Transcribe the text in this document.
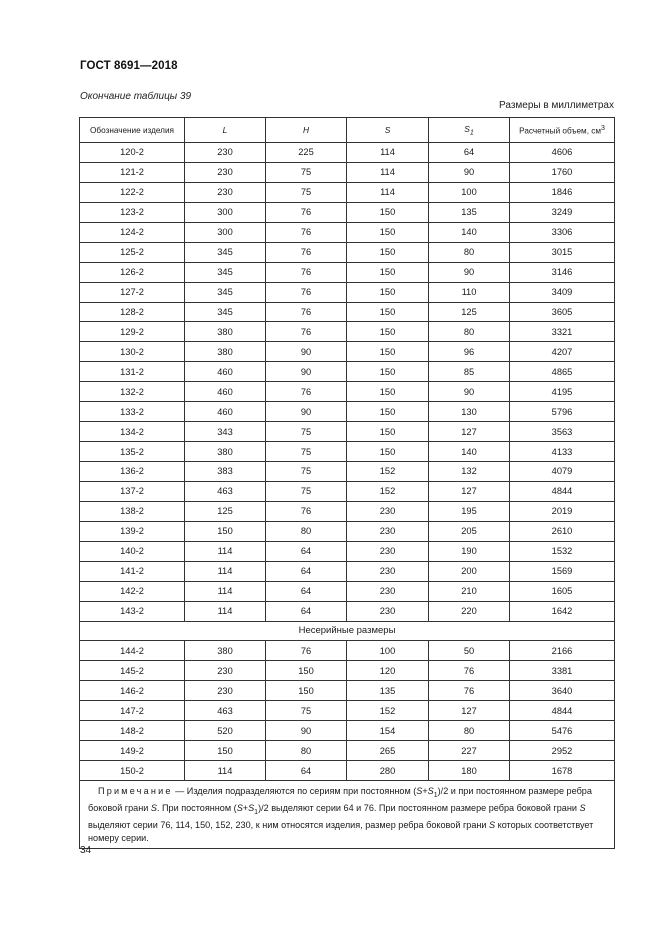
ГОСТ 8691—2018
Окончание таблицы 39
Размеры в миллиметрах
Обозначение изделия	L	H	S	$S_1$	Расчетный объем, $см^3$
120-2	230	225	114	64	4606
121-2	230	75	114	90	1760
122-2	230	75	114	100	1846
123-2	300	76	150	135	3249
124-2	300	76	150	140	3306
125-2	345	76	150	80	3015
126-2	345	76	150	90	3146
127-2	345	76	150	110	3409
128-2	345	76	150	125	3605
129-2	380	76	150	80	3321
130-2	380	90	150	96	4207
131-2	460	90	150	85	4865
132-2	460	76	150	90	4195
133-2	460	90	150	130	5796
134-2	343	75	150	127	3563
135-2	380	75	150	140	4133
136-2	383	75	152	132	4079
137-2	463	75	152	127	4844
138-2	125	76	230	195	2019
139-2	150	80	230	205	2610
140-2	114	64	230	190	1532
141-2	114	64	230	200	1569
142-2	114	64	230	210	1605
143-2	114	64	230	220	1642
Несерийные размеры					
144-2	380	76	100	50	2166
145-2	230	150	120	76	3381
146-2	230	150	135	76	3640
147-2	463	75	152	127	4844
148-2	520	90	154	80	5476
149-2	150	80	265	227	2952
150-2	114	64	280	180	1678
Примечание — Изделия подразделяются по сериям при постоянном $(S+S_1)/2$ и при постоянном размере ребра боковой грани S. При постоянном $(S+S_1)/2$ выделяют серии 64 и 76. При постоянном размере ребра боковой грани S выделяют серии 76, 114, 150, 152, 230, к ним относятся изделия, размер ребра боковой грани S которых соответствует номеру серии.					
34
